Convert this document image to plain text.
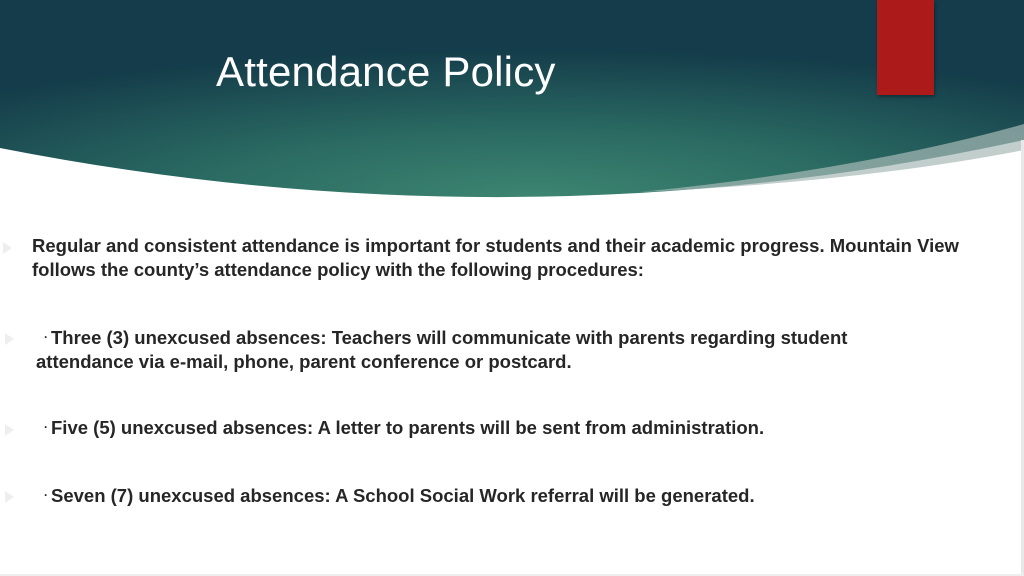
Attendance Policy

Regular and consistent attendance is important for students and their academic progress. Mountain View follows the county’s attendance policy with the following procedures:

· Three (3) unexcused absences: Teachers will communicate with parents regarding student attendance via e-mail, phone, parent conference or postcard.

· Five (5) unexcused absences: A letter to parents will be sent from administration.

· Seven (7) unexcused absences: A School Social Work referral will be generated.
